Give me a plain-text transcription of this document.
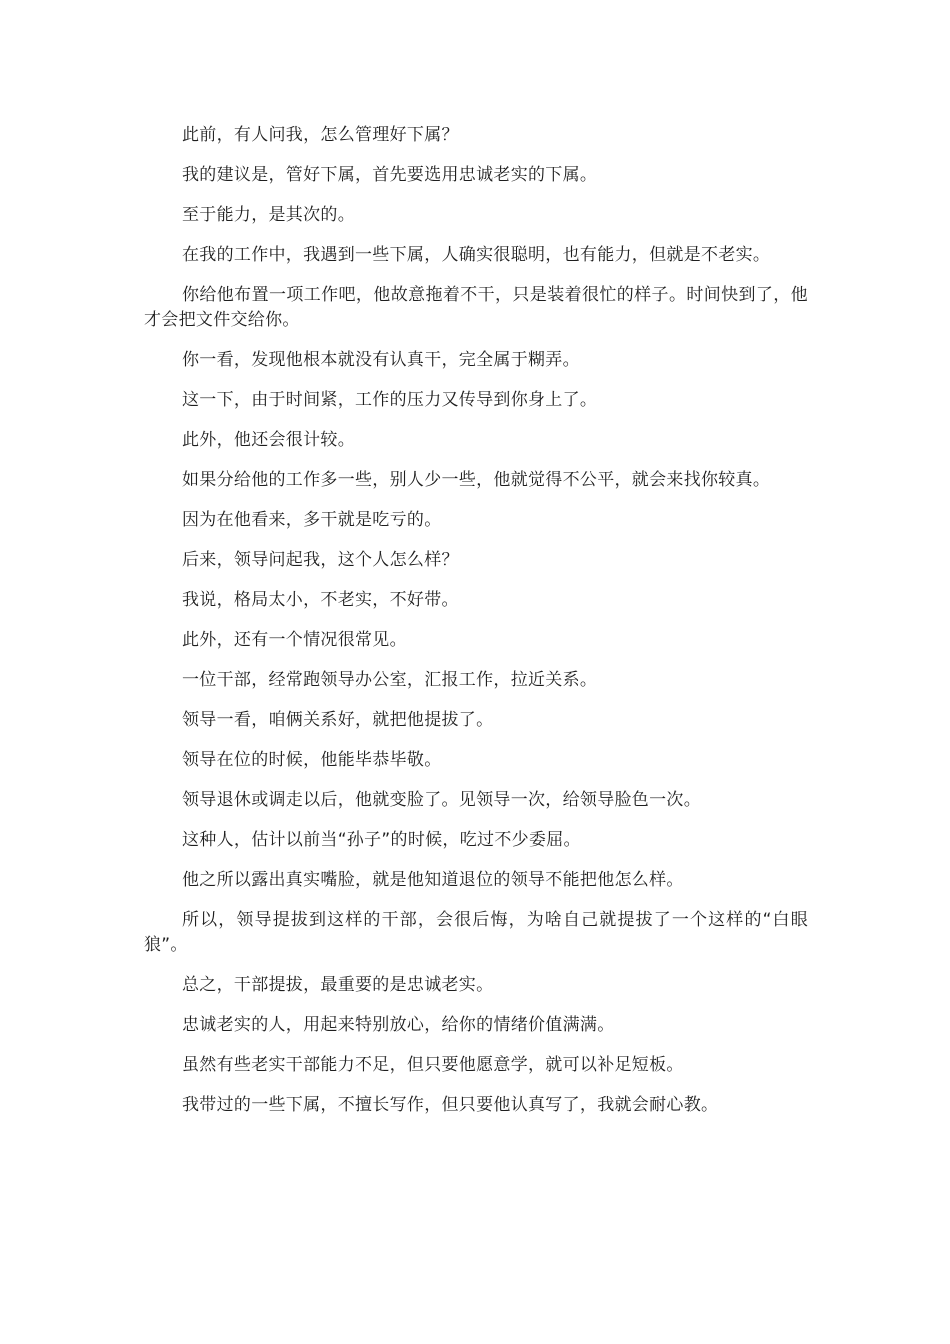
此前，有人问我，怎么管理好下属？

我的建议是，管好下属，首先要选用忠诚老实的下属。

至于能力，是其次的。

在我的工作中，我遇到一些下属，人确实很聪明，也有能力，但就是不老实。

你给他布置一项工作吧，他故意拖着不干，只是装着很忙的样子。时间快到了，他才会把文件交给你。

你一看，发现他根本就没有认真干，完全属于糊弄。

这一下，由于时间紧，工作的压力又传导到你身上了。

此外，他还会很计较。

如果分给他的工作多一些，别人少一些，他就觉得不公平，就会来找你较真。

因为在他看来，多干就是吃亏的。

后来，领导问起我，这个人怎么样？

我说，格局太小，不老实，不好带。

此外，还有一个情况很常见。

一位干部，经常跑领导办公室，汇报工作，拉近关系。

领导一看，咱俩关系好，就把他提拔了。

领导在位的时候，他能毕恭毕敬。

领导退休或调走以后，他就变脸了。见领导一次，给领导脸色一次。

这种人，估计以前当“孙子”的时候，吃过不少委屈。

他之所以露出真实嘴脸，就是他知道退位的领导不能把他怎么样。

所以，领导提拔到这样的干部，会很后悔，为啥自己就提拔了一个这样的“白眼狼”。

总之，干部提拔，最重要的是忠诚老实。

忠诚老实的人，用起来特别放心，给你的情绪价值满满。

虽然有些老实干部能力不足，但只要他愿意学，就可以补足短板。

我带过的一些下属，不擅长写作，但只要他认真写了，我就会耐心教。
